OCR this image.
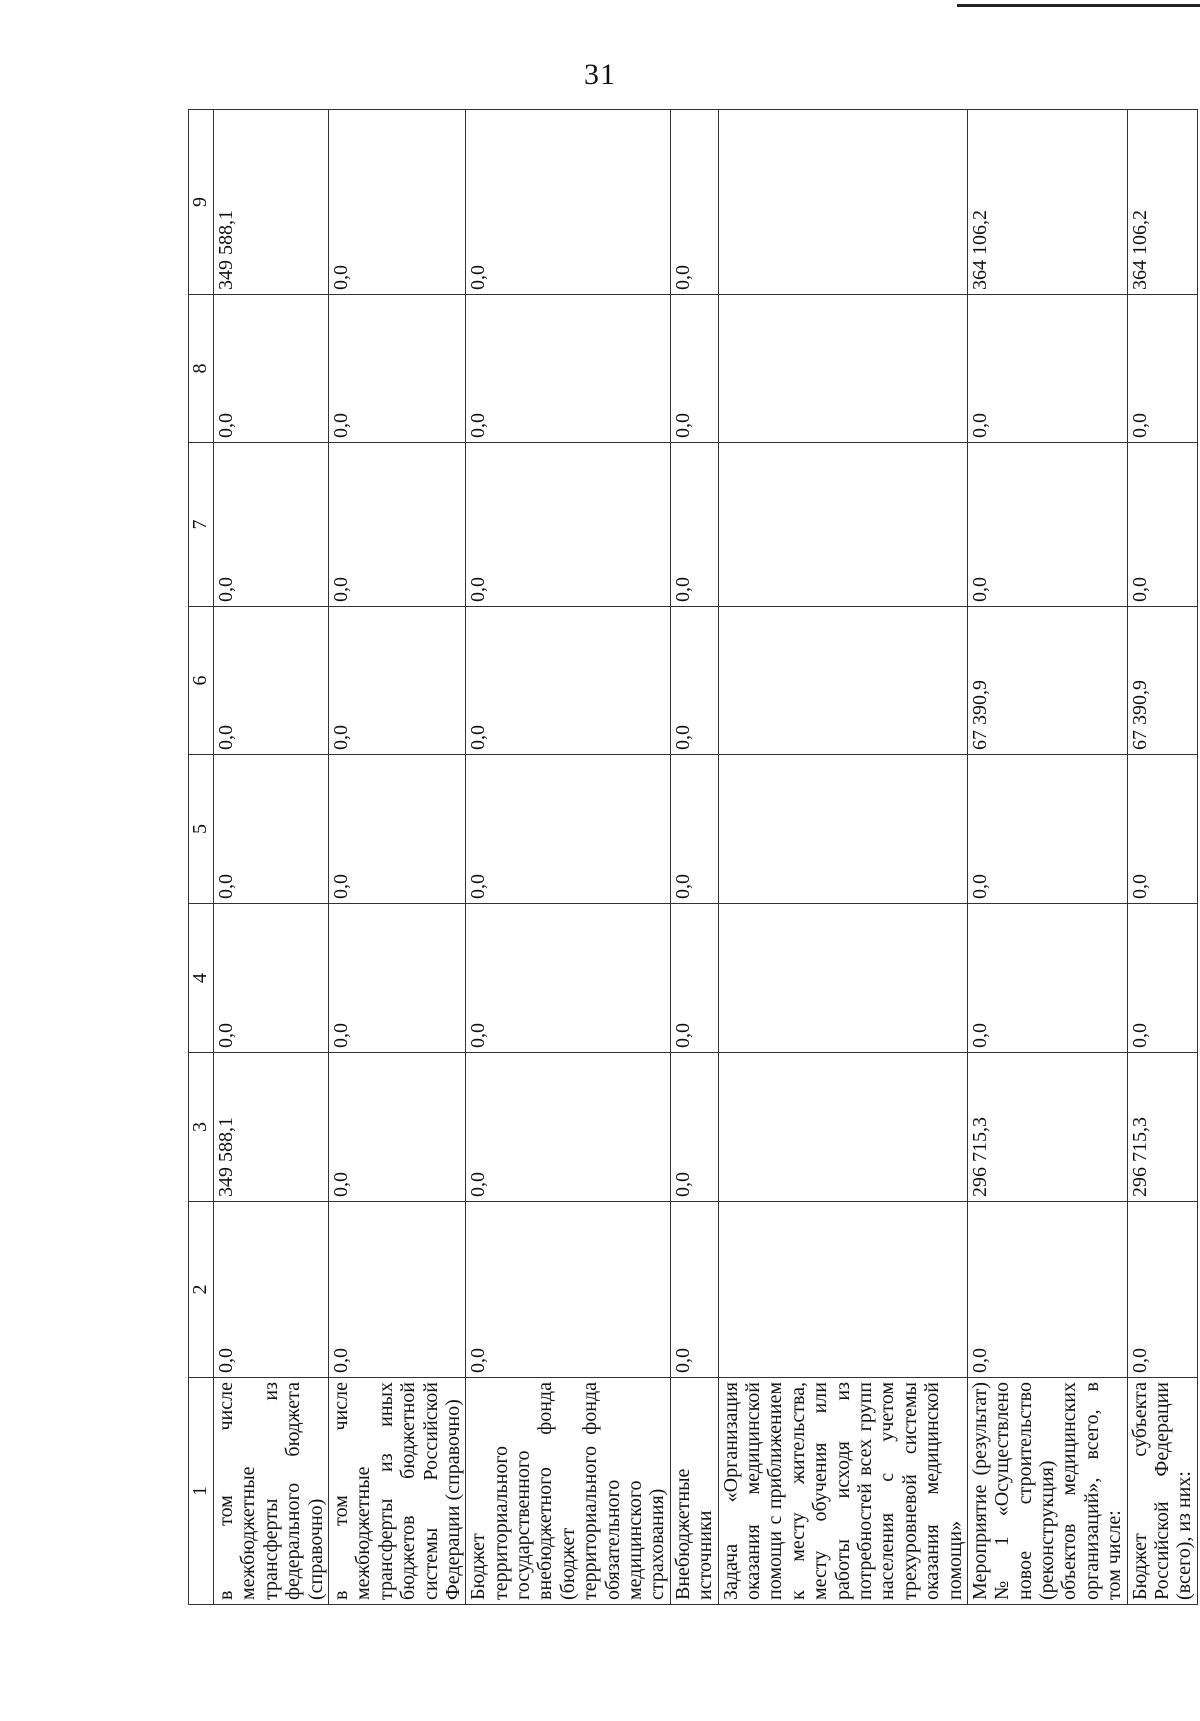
31
1	2	3	4	5	6	7	8	9
в том числе межбюджетные трансферты из федерального бюджета (справочно)	0,0	349 588,1	0,0	0,0	0,0	0,0	0,0	349 588,1
в том числе межбюджетные трансферты из иных бюджетов бюджетной системы Российской Федерации (справочно)	0,0	0,0	0,0	0,0	0,0	0,0	0,0	0,0
Бюджет территориального государственного внебюджетного фонда (бюджет территориального фонда обязательного медицинского страхования)	0,0	0,0	0,0	0,0	0,0	0,0	0,0	0,0
Внебюджетные источники	0,0	0,0	0,0	0,0	0,0	0,0	0,0	0,0
Задача «Организация оказания медицинской помощи с приближением к месту жительства, месту обучения или работы исходя из потребностей всех групп населения с учетом трехуровневой системы оказания медицинской помощи»								
Мероприятие (результат) № 1 «Осуществлено новое строительство (реконструкция) объектов медицинских организаций», всего, в том числе:	0,0	296 715,3	0,0	0,0	67 390,9	0,0	0,0	364 106,2
Бюджет субъекта Российской Федерации (всего), из них:	0,0	296 715,3	0,0	0,0	67 390,9	0,0	0,0	364 106,2
